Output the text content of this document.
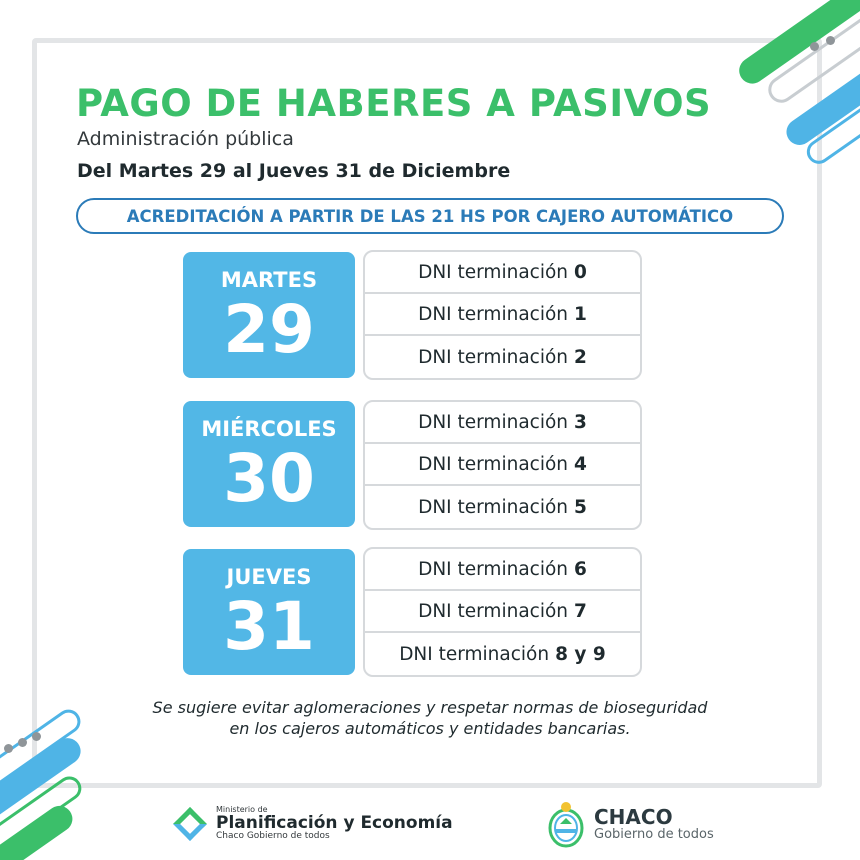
PAGO DE HABERES A PASIVOS
Administración pública
Del Martes 29 al Jueves 31 de Diciembre
ACREDITACIÓN A PARTIR DE LAS 21 HS POR CAJERO AUTOMÁTICO
MARTES
29
DNI terminación 0
DNI terminación 1
DNI terminación 2
MIÉRCOLES
30
DNI terminación 3
DNI terminación 4
DNI terminación 5
JUEVES
31
DNI terminación 6
DNI terminación 7
DNI terminación 8 y 9
Se sugiere evitar aglomeraciones y respetar normas de bioseguridad en los cajeros automáticos y entidades bancarias.
Ministerio de
Planificación y Economía
Chaco Gobierno de todos
CHACO
Gobierno de todos
